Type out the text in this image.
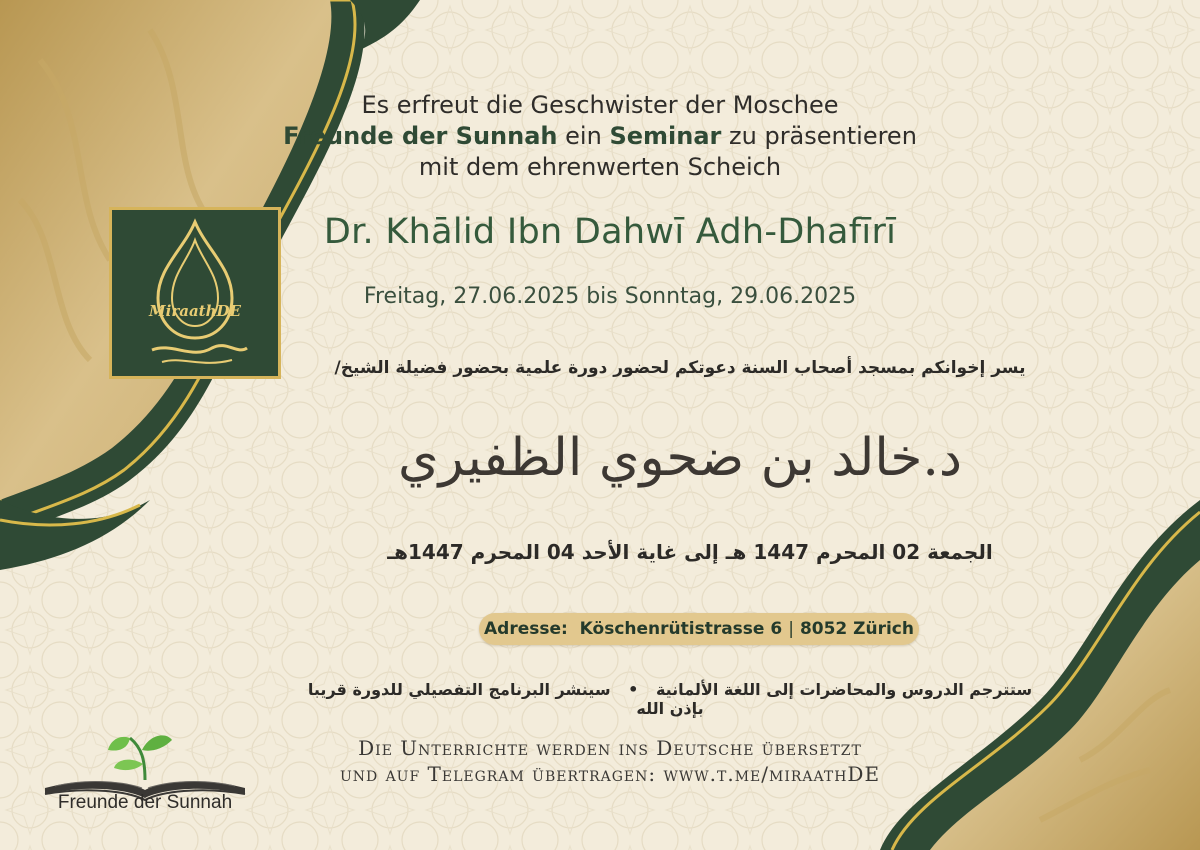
Es erfreut die Geschwister der Moschee
Freunde der Sunnah ein Seminar zu präsentieren
mit dem ehrenwerten Scheich
Dr. Khālid Ibn Dahwī Adh-Dhafīrī
Freitag, 27.06.2025 bis Sonntag, 29.06.2025
يسر إخوانكم بمسجد أصحاب السنة دعوتكم لحضور دورة علمية بحضور فضيلة الشيخ/
د.خالد بن ضحوي الظفيري
الجمعة 02 المحرم 1447 هـ إلى غاية الأحد 04 المحرم 1447هـ
Adresse:
Köschenrütistrasse 6 | 8052 Zürich
ستترجم الدروس والمحاضرات إلى اللغة الألمانية • سينشر البرنامج التفصيلي للدورة قريبا بإذن الله
Die Unterrichte werden ins Deutsche übersetzt
und auf Telegram übertragen: www.t.me/miraathDE
MiraathDE
Freunde der Sunnah
